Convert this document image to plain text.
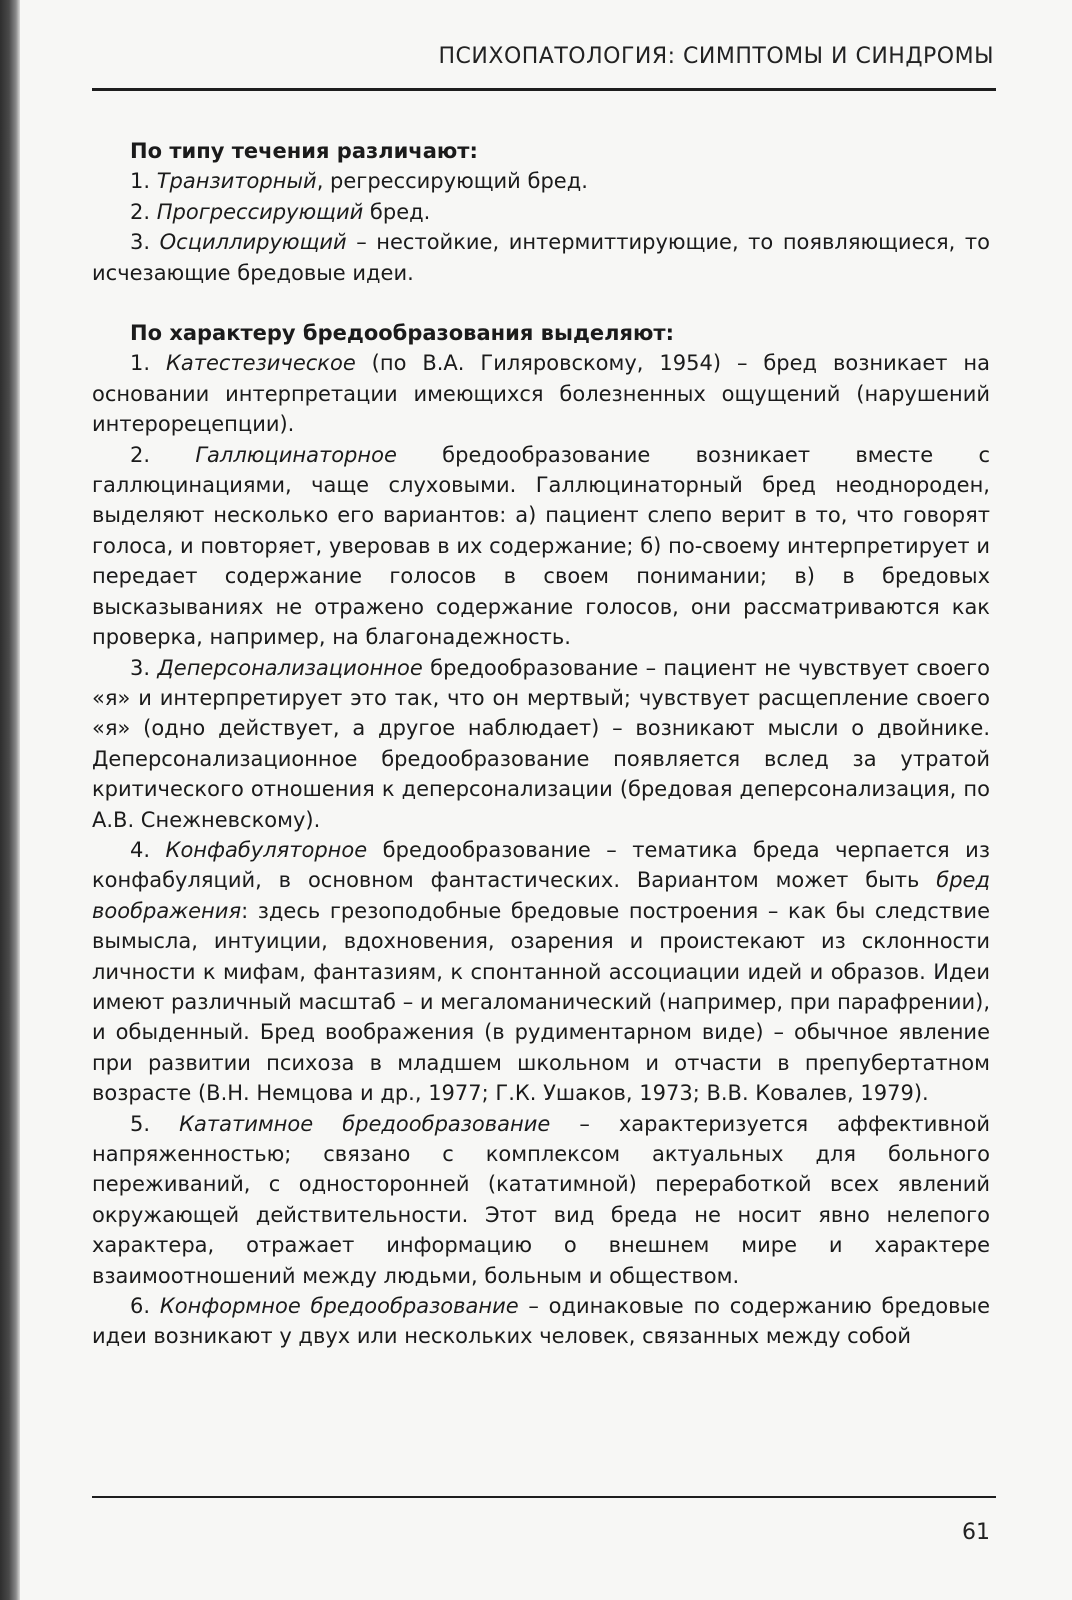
ПСИХОПАТОЛОГИЯ: СИМПТОМЫ И СИНДРОМЫ

По типу течения различают:

1. Транзиторный, регрессирующий бред.

2. Прогрессирующий бред.

3. Осциллирующий – нестойкие, интермиттирующие, то появляющиеся, то исчезающие бредовые идеи.

По характеру бредообразования выделяют:

1. Катестезическое (по В.А. Гиляровскому, 1954) – бред возникает на основании интерпретации имеющихся болезненных ощущений (нарушений интерорецепции).

2. Галлюцинаторное бредообразование возникает вместе с галлюцинациями, чаще слуховыми. Галлюцинаторный бред неоднороден, выделяют несколько его вариантов: а) пациент слепо верит в то, что говорят голоса, и повторяет, уверовав в их содержание; б) по-своему интерпретирует и передает содержание голосов в своем понимании; в) в бредовых высказываниях не отражено содержание голосов, они рассматриваются как проверка, например, на благонадежность.

3. Деперсонализационное бредообразование – пациент не чувствует своего «я» и интерпретирует это так, что он мертвый; чувствует расщепление своего «я» (одно действует, а другое наблюдает) – возникают мысли о двойнике. Деперсонализационное бредообразование появляется вслед за утратой критического отношения к деперсонализации (бредовая деперсонализация, по А.В. Снежневскому).

4. Конфабуляторное бредообразование – тематика бреда черпается из конфабуляций, в основном фантастических. Вариантом может быть бред воображения: здесь грезоподобные бредовые построения – как бы следствие вымысла, интуиции, вдохновения, озарения и проистекают из склонности личности к мифам, фантазиям, к спонтанной ассоциации идей и образов. Идеи имеют различный масштаб – и мегаломанический (например, при парафрении), и обыденный. Бред воображения (в рудиментарном виде) – обычное явление при развитии психоза в младшем школьном и отчасти в препубертатном возрасте (В.Н. Немцова и др., 1977; Г.К. Ушаков, 1973; В.В. Ковалев, 1979).

5. Кататимное бредообразование – характеризуется аффективной напряженностью; связано с комплексом актуальных для больного переживаний, с односторонней (кататимной) переработкой всех явлений окружающей действительности. Этот вид бреда не носит явно нелепого характера, отражает информацию о внешнем мире и характере взаимоотношений между людьми, больным и обществом.

6. Конформное бредообразование – одинаковые по содержанию бредовые идеи возникают у двух или нескольких человек, связанных между собой

61
